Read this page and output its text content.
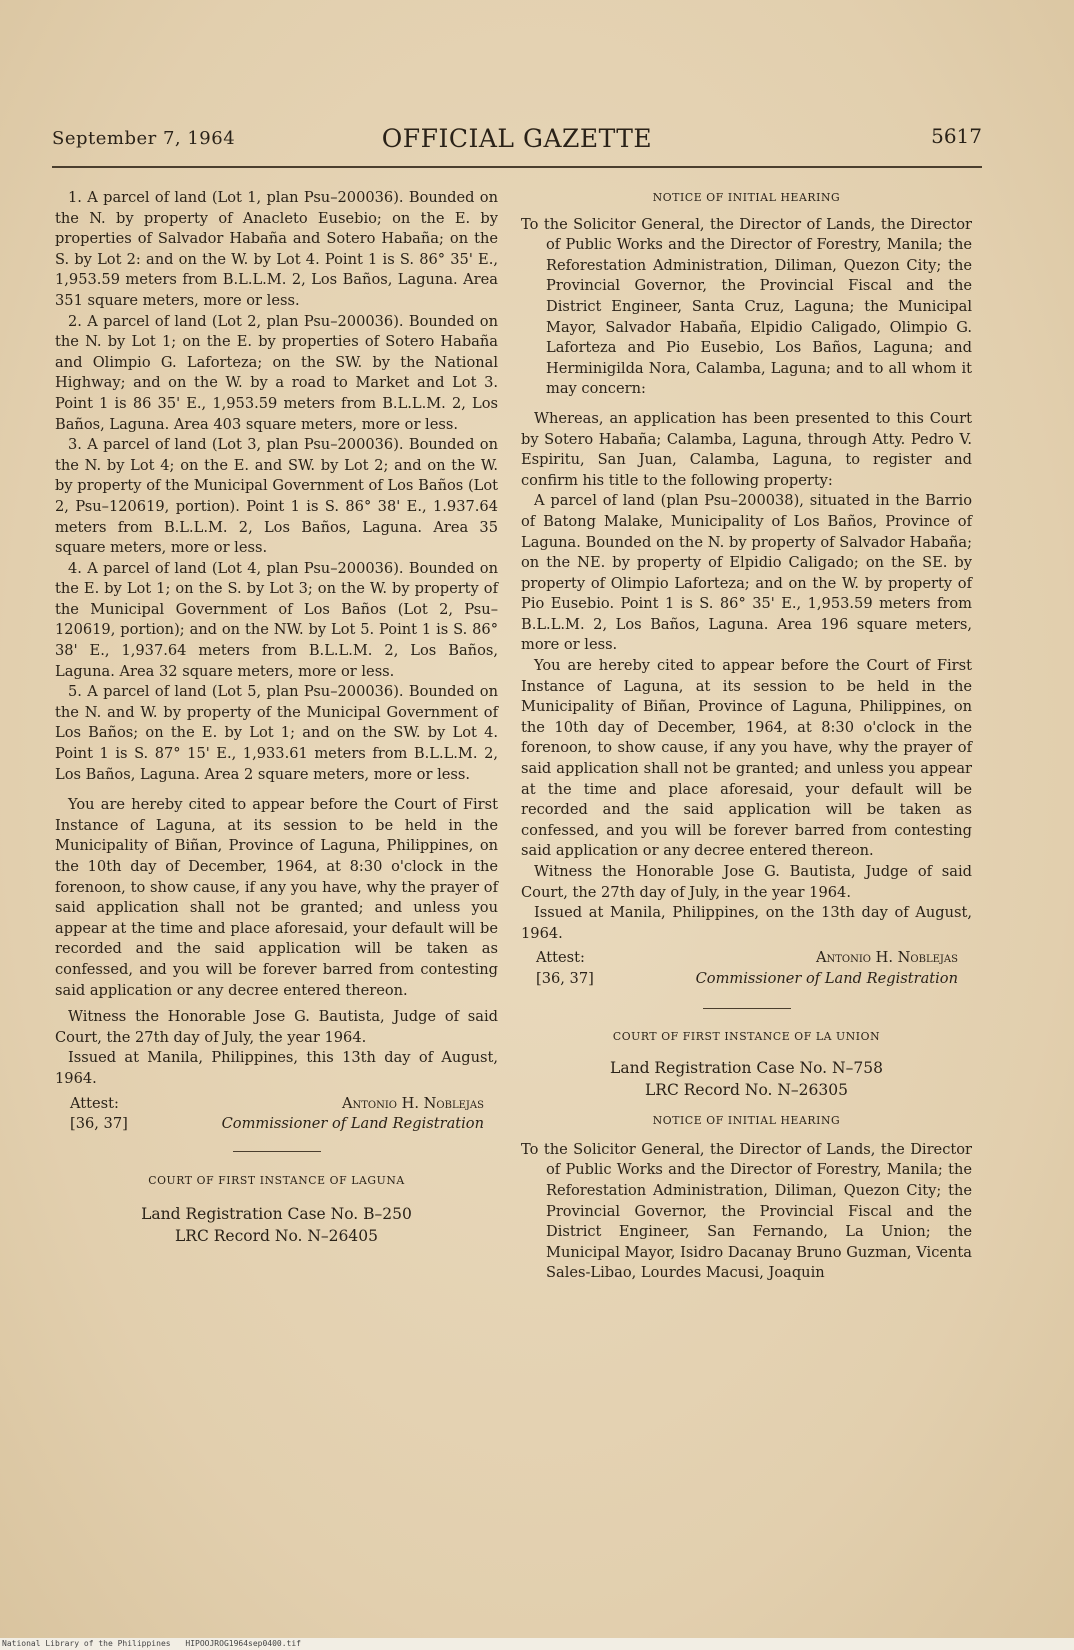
September 7, 1964	OFFICIAL GAZETTE	5617

1. A parcel of land (Lot 1, plan Psu–200036). Bounded on the N. by property of Anacleto Eusebio; on the E. by properties of Salvador Habaña and Sotero Habaña; on the S. by Lot 2: and on the W. by Lot 4. Point 1 is S. 86° 35' E., 1,953.59 meters from B.L.L.M. 2, Los Baños, Laguna. Area 351 square meters, more or less.

2. A parcel of land (Lot 2, plan Psu–200036). Bounded on the N. by Lot 1; on the E. by properties of Sotero Habaña and Olimpio G. Laforteza; on the SW. by the National Highway; and on the W. by a road to Market and Lot 3. Point 1 is 86 35' E., 1,953.59 meters from B.L.L.M. 2, Los Baños, Laguna. Area 403 square meters, more or less.

3. A parcel of land (Lot 3, plan Psu–200036). Bounded on the N. by Lot 4; on the E. and SW. by Lot 2; and on the W. by property of the Municipal Government of Los Baños (Lot 2, Psu–120619, portion). Point 1 is S. 86° 38' E., 1.937.64 meters from B.L.L.M. 2, Los Baños, Laguna. Area 35 square meters, more or less.

4. A parcel of land (Lot 4, plan Psu–200036). Bounded on the E. by Lot 1; on the S. by Lot 3; on the W. by property of the Municipal Government of Los Baños (Lot 2, Psu–120619, portion); and on the NW. by Lot 5. Point 1 is S. 86° 38' E., 1,937.64 meters from B.L.L.M. 2, Los Baños, Laguna. Area 32 square meters, more or less.

5. A parcel of land (Lot 5, plan Psu–200036). Bounded on the N. and W. by property of the Municipal Government of Los Baños; on the E. by Lot 1; and on the SW. by Lot 4. Point 1 is S. 87° 15' E., 1,933.61 meters from B.L.L.M. 2, Los Baños, Laguna. Area 2 square meters, more or less.

You are hereby cited to appear before the Court of First Instance of Laguna, at its session to be held in the Municipality of Biñan, Province of Laguna, Philippines, on the 10th day of December, 1964, at 8:30 o'clock in the forenoon, to show cause, if any you have, why the prayer of said application shall not be granted; and unless you appear at the time and place aforesaid, your default will be recorded and the said application will be taken as confessed, and you will be forever barred from contesting said application or any decree entered thereon.

Witness the Honorable Jose G. Bautista, Judge of said Court, the 27th day of July, the year 1964.

Issued at Manila, Philippines, this 13th day of August, 1964.

Attest:	Antonio H. Noblejas
[36, 37]	Commissioner of Land Registration
COURT OF FIRST INSTANCE OF LAGUNA
Land Registration Case No. B–250
LRC Record No. N–26405
NOTICE OF INITIAL HEARING

To the Solicitor General, the Director of Lands, the Director of Public Works and the Director of Forestry, Manila; the Reforestation Administration, Diliman, Quezon City; the Provincial Governor, the Provincial Fiscal and the District Engineer, Santa Cruz, Laguna; the Municipal Mayor, Salvador Habaña, Elpidio Caligado, Olimpio G. Laforteza and Pio Eusebio, Los Baños, Laguna; and Herminigilda Nora, Calamba, Laguna; and to all whom it may concern:

Whereas, an application has been presented to this Court by Sotero Habaña; Calamba, Laguna, through Atty. Pedro V. Espiritu, San Juan, Calamba, Laguna, to register and confirm his title to the following property:

A parcel of land (plan Psu–200038), situated in the Barrio of Batong Malake, Municipality of Los Baños, Province of Laguna. Bounded on the N. by property of Salvador Habaña; on the NE. by property of Elpidio Caligado; on the SE. by property of Olimpio Laforteza; and on the W. by property of Pio Eusebio. Point 1 is S. 86° 35' E., 1,953.59 meters from B.L.L.M. 2, Los Baños, Laguna. Area 196 square meters, more or less.

You are hereby cited to appear before the Court of First Instance of Laguna, at its session to be held in the Municipality of Biñan, Province of Laguna, Philippines, on the 10th day of December, 1964, at 8:30 o'clock in the forenoon, to show cause, if any you have, why the prayer of said application shall not be granted; and unless you appear at the time and place aforesaid, your default will be recorded and the said application will be taken as confessed, and you will be forever barred from contesting said application or any decree entered thereon.

Witness the Honorable Jose G. Bautista, Judge of said Court, the 27th day of July, in the year 1964.

Issued at Manila, Philippines, on the 13th day of August, 1964.

Attest:	Antonio H. Noblejas
[36, 37]	Commissioner of Land Registration
COURT OF FIRST INSTANCE OF LA UNION
Land Registration Case No. N–758
LRC Record No. N–26305
NOTICE OF INITIAL HEARING

To the Solicitor General, the Director of Lands, the Director of Public Works and the Director of Forestry, Manila; the Reforestation Administration, Diliman, Quezon City; the Provincial Governor, the Provincial Fiscal and the District Engineer, San Fernando, La Union; the Municipal Mayor, Isidro Dacanay Bruno Guzman, Vicenta Sales-Libao, Lourdes Macusi, Joaquin

National Library of the Philippines HIPOOJROG1964sep0400.tif
